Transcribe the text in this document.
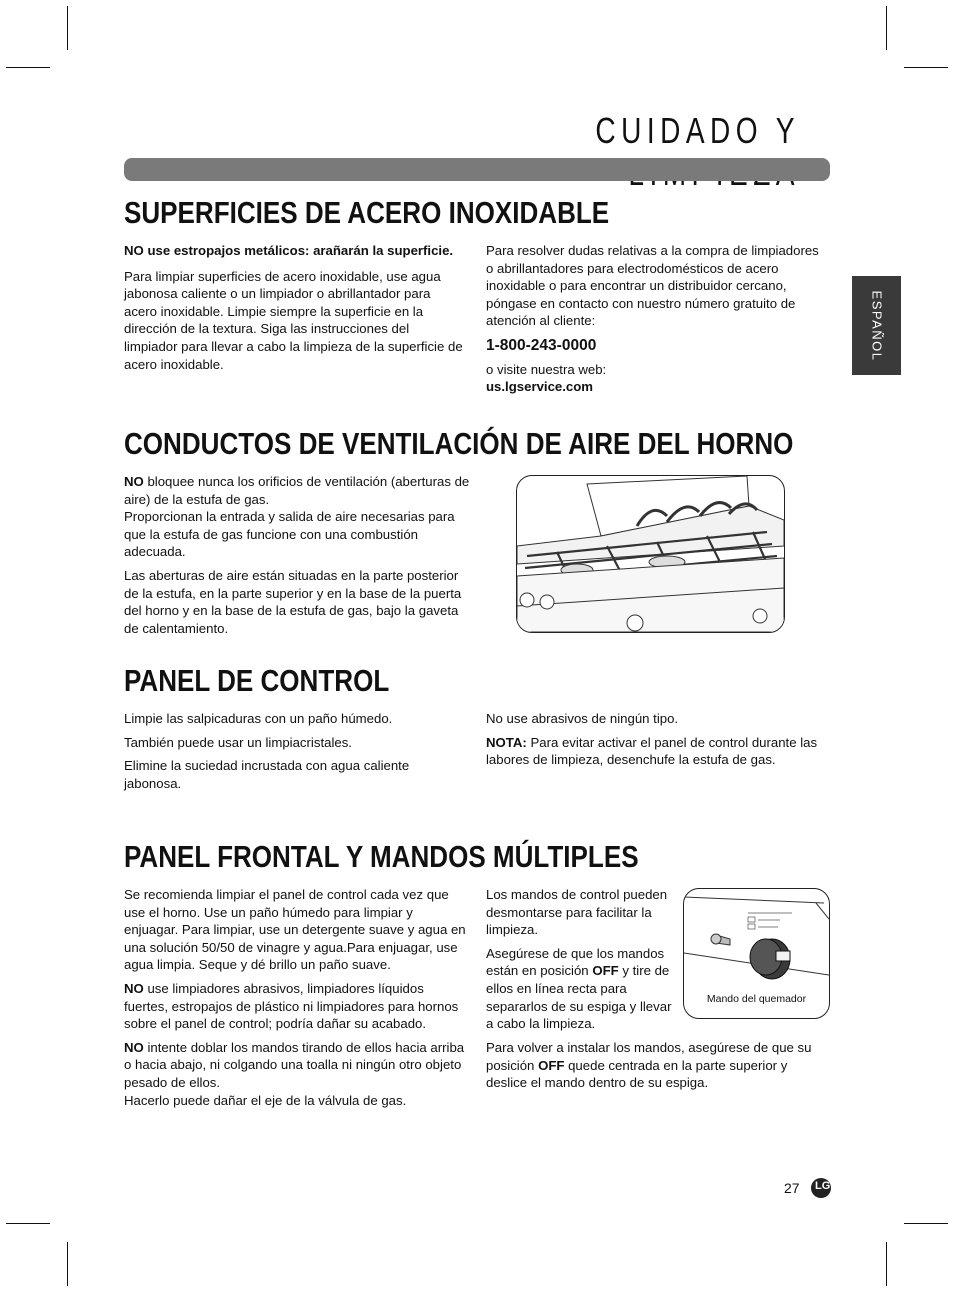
CUIDADO Y
ESPAÑOL
SUPERFICIES DE ACERO INOXIDABLE

NO use estropajos metálicos: arañarán la superficie.

Para limpiar superficies de acero inoxidable, use agua jabonosa caliente o un limpiador o abrillantador para acero inoxidable. Limpie siempre la superficie en la dirección de la textura. Siga las instrucciones del limpiador para llevar a cabo la limpieza de la superficie de acero inoxidable.

Para resolver dudas relativas a la compra de limpiadores o abrillantadores para electrodomésticos de acero inoxidable o para encontrar un distribuidor cercano, póngase en contacto con nuestro número gratuito de atención al cliente:

1-800-243-0000

o visite nuestra web:

us.lgservice.com

CONDUCTOS DE VENTILACIÓN DE AIRE DEL HORNO

NO bloquee nunca los orificios de ventilación (aberturas de aire) de la estufa de gas.

Proporcionan la entrada y salida de aire necesarias para que la estufa de gas funcione con una combustión adecuada.

Las aberturas de aire están situadas en la parte posterior de la estufa, en la parte superior y en la base de la puerta del horno y en la base de la estufa de gas, bajo la gaveta de calentamiento.

PANEL DE CONTROL

Limpie las salpicaduras con un paño húmedo.

También puede usar un limpiacristales.

Elimine la suciedad incrustada con agua caliente jabonosa.

No use abrasivos de ningún tipo.

NOTA: Para evitar activar el panel de control durante las labores de limpieza, desenchufe la estufa de gas.

PANEL FRONTAL Y MANDOS MÚLTIPLES

Se recomienda limpiar el panel de control cada vez que use el horno. Use un paño húmedo para limpiar y enjuagar. Para limpiar, use un detergente suave y agua en una solución 50/50 de vinagre y agua.Para enjuagar, use agua limpia. Seque y dé brillo un paño suave.

NO use limpiadores abrasivos, limpiadores líquidos fuertes, estropajos de plástico ni limpiadores para hornos sobre el panel de control; podría dañar su acabado.

NO intente doblar los mandos tirando de ellos hacia arriba o hacia abajo, ni colgando una toalla ni ningún otro objeto pesado de ellos.

Hacerlo puede dañar el eje de la válvula de gas.

Los mandos de control pueden desmontarse para facilitar la limpieza.

Asegúrese de que los mandos están en posición OFF y tire de ellos en línea recta para separarlos de su espiga y llevar a cabo la limpieza.

Para volver a instalar los mandos, asegúrese de que su posición OFF quede centrada en la parte superior y deslice el mando dentro de su espiga.

Mando del quemador
27 LG
